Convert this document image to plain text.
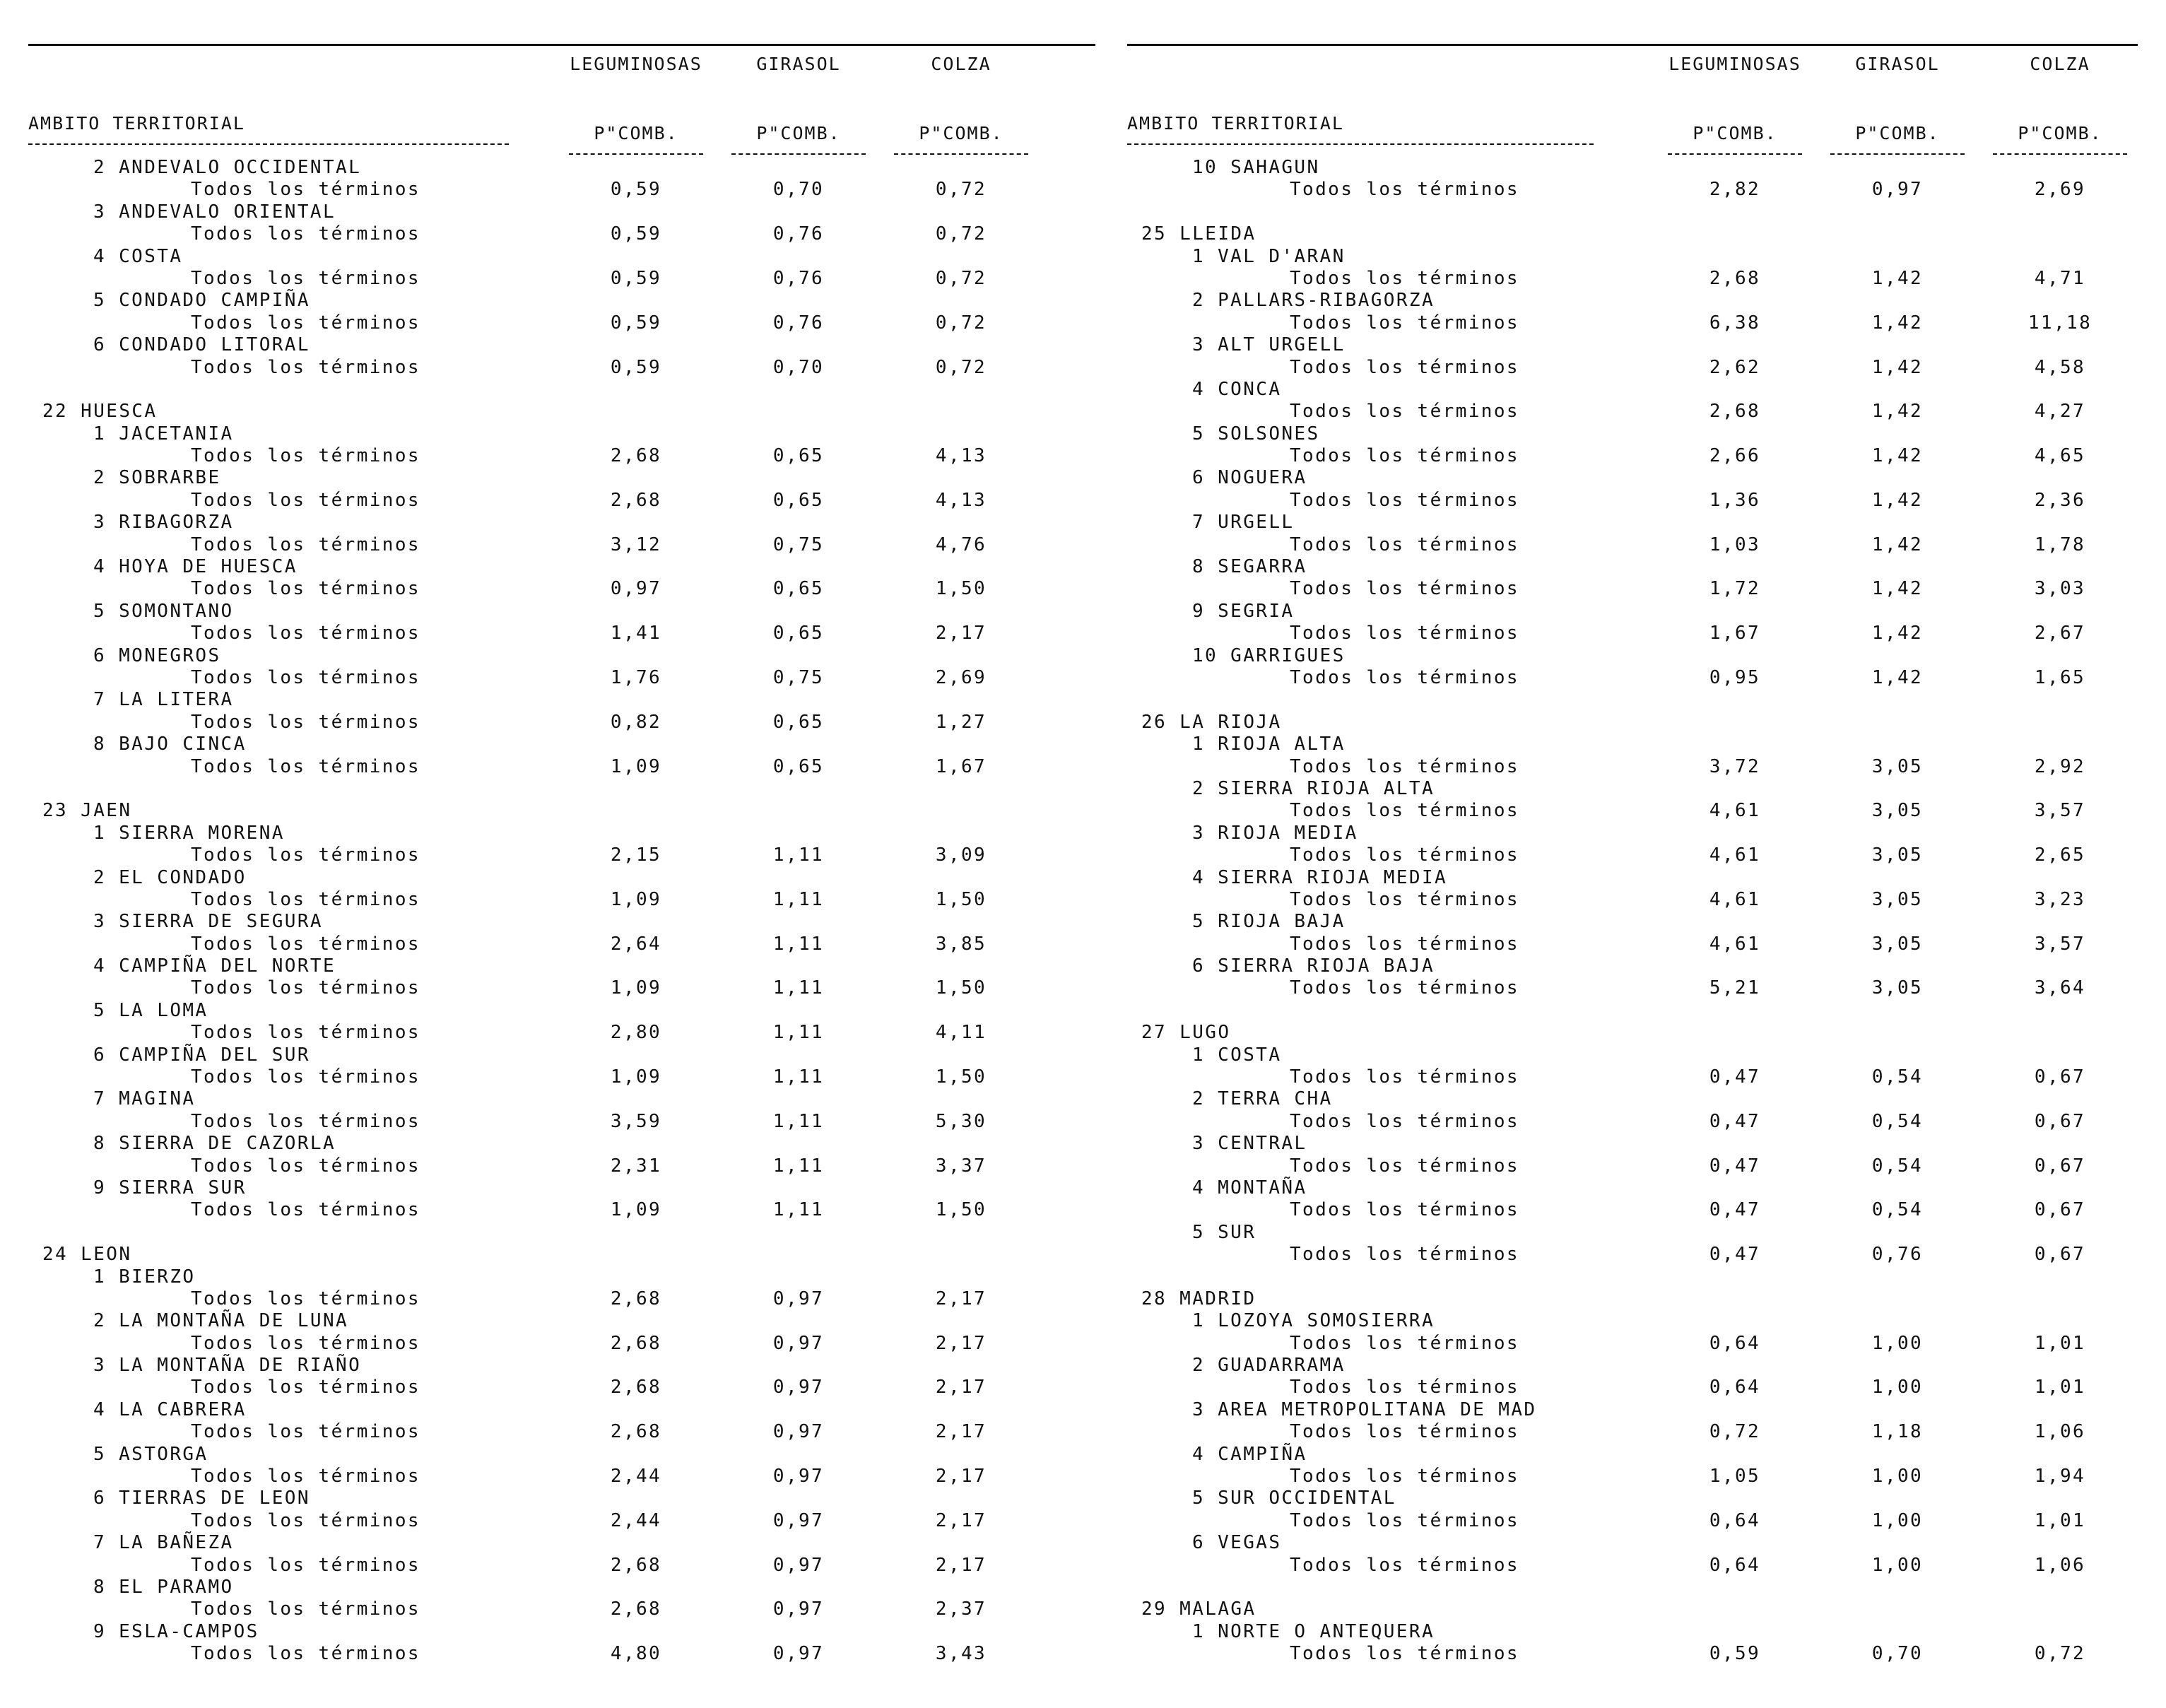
LEGUMINOSAS	GIRASOL	COLZA
AMBITO TERRITORIAL	P"COMB.	P"COMB.	P"COMB.
2 ANDEVALO OCCIDENTAL
Todos los términos	0,59	0,70	0,72
3 ANDEVALO ORIENTAL
Todos los términos	0,59	0,76	0,72
4 COSTA
Todos los términos	0,59	0,76	0,72
5 CONDADO CAMPIÑA
Todos los términos	0,59	0,76	0,72
6 CONDADO LITORAL
Todos los términos	0,59	0,70	0,72
22 HUESCA
1 JACETANIA
Todos los términos	2,68	0,65	4,13
2 SOBRARBE
Todos los términos	2,68	0,65	4,13
3 RIBAGORZA
Todos los términos	3,12	0,75	4,76
4 HOYA DE HUESCA
Todos los términos	0,97	0,65	1,50
5 SOMONTANO
Todos los términos	1,41	0,65	2,17
6 MONEGROS
Todos los términos	1,76	0,75	2,69
7 LA LITERA
Todos los términos	0,82	0,65	1,27
8 BAJO CINCA
Todos los términos	1,09	0,65	1,67
23 JAEN
1 SIERRA MORENA
Todos los términos	2,15	1,11	3,09
2 EL CONDADO
Todos los términos	1,09	1,11	1,50
3 SIERRA DE SEGURA
Todos los términos	2,64	1,11	3,85
4 CAMPIÑA DEL NORTE
Todos los términos	1,09	1,11	1,50
5 LA LOMA
Todos los términos	2,80	1,11	4,11
6 CAMPIÑA DEL SUR
Todos los términos	1,09	1,11	1,50
7 MAGINA
Todos los términos	3,59	1,11	5,30
8 SIERRA DE CAZORLA
Todos los términos	2,31	1,11	3,37
9 SIERRA SUR
Todos los términos	1,09	1,11	1,50
24 LEON
1 BIERZO
Todos los términos	2,68	0,97	2,17
2 LA MONTAÑA DE LUNA
Todos los términos	2,68	0,97	2,17
3 LA MONTAÑA DE RIAÑO
Todos los términos	2,68	0,97	2,17
4 LA CABRERA
Todos los términos	2,68	0,97	2,17
5 ASTORGA
Todos los términos	2,44	0,97	2,17
6 TIERRAS DE LEON
Todos los términos	2,44	0,97	2,17
7 LA BAÑEZA
Todos los términos	2,68	0,97	2,17
8 EL PARAMO
Todos los términos	2,68	0,97	2,37
9 ESLA-CAMPOS
Todos los términos	4,80	0,97	3,43
LEGUMINOSAS	GIRASOL	COLZA
AMBITO TERRITORIAL	P"COMB.	P"COMB.	P"COMB.
10 SAHAGUN
Todos los términos	2,82	0,97	2,69
25 LLEIDA
1 VAL D'ARAN
Todos los términos	2,68	1,42	4,71
2 PALLARS-RIBAGORZA
Todos los términos	6,38	1,42	11,18
3 ALT URGELL
Todos los términos	2,62	1,42	4,58
4 CONCA
Todos los términos	2,68	1,42	4,27
5 SOLSONES
Todos los términos	2,66	1,42	4,65
6 NOGUERA
Todos los términos	1,36	1,42	2,36
7 URGELL
Todos los términos	1,03	1,42	1,78
8 SEGARRA
Todos los términos	1,72	1,42	3,03
9 SEGRIA
Todos los términos	1,67	1,42	2,67
10 GARRIGUES
Todos los términos	0,95	1,42	1,65
26 LA RIOJA
1 RIOJA ALTA
Todos los términos	3,72	3,05	2,92
2 SIERRA RIOJA ALTA
Todos los términos	4,61	3,05	3,57
3 RIOJA MEDIA
Todos los términos	4,61	3,05	2,65
4 SIERRA RIOJA MEDIA
Todos los términos	4,61	3,05	3,23
5 RIOJA BAJA
Todos los términos	4,61	3,05	3,57
6 SIERRA RIOJA BAJA
Todos los términos	5,21	3,05	3,64
27 LUGO
1 COSTA
Todos los términos	0,47	0,54	0,67
2 TERRA CHA
Todos los términos	0,47	0,54	0,67
3 CENTRAL
Todos los términos	0,47	0,54	0,67
4 MONTAÑA
Todos los términos	0,47	0,54	0,67
5 SUR
Todos los términos	0,47	0,76	0,67
28 MADRID
1 LOZOYA SOMOSIERRA
Todos los términos	0,64	1,00	1,01
2 GUADARRAMA
Todos los términos	0,64	1,00	1,01
3 AREA METROPOLITANA DE MAD
Todos los términos	0,72	1,18	1,06
4 CAMPIÑA
Todos los términos	1,05	1,00	1,94
5 SUR OCCIDENTAL
Todos los términos	0,64	1,00	1,01
6 VEGAS
Todos los términos	0,64	1,00	1,06
29 MALAGA
1 NORTE O ANTEQUERA
Todos los términos	0,59	0,70	0,72
